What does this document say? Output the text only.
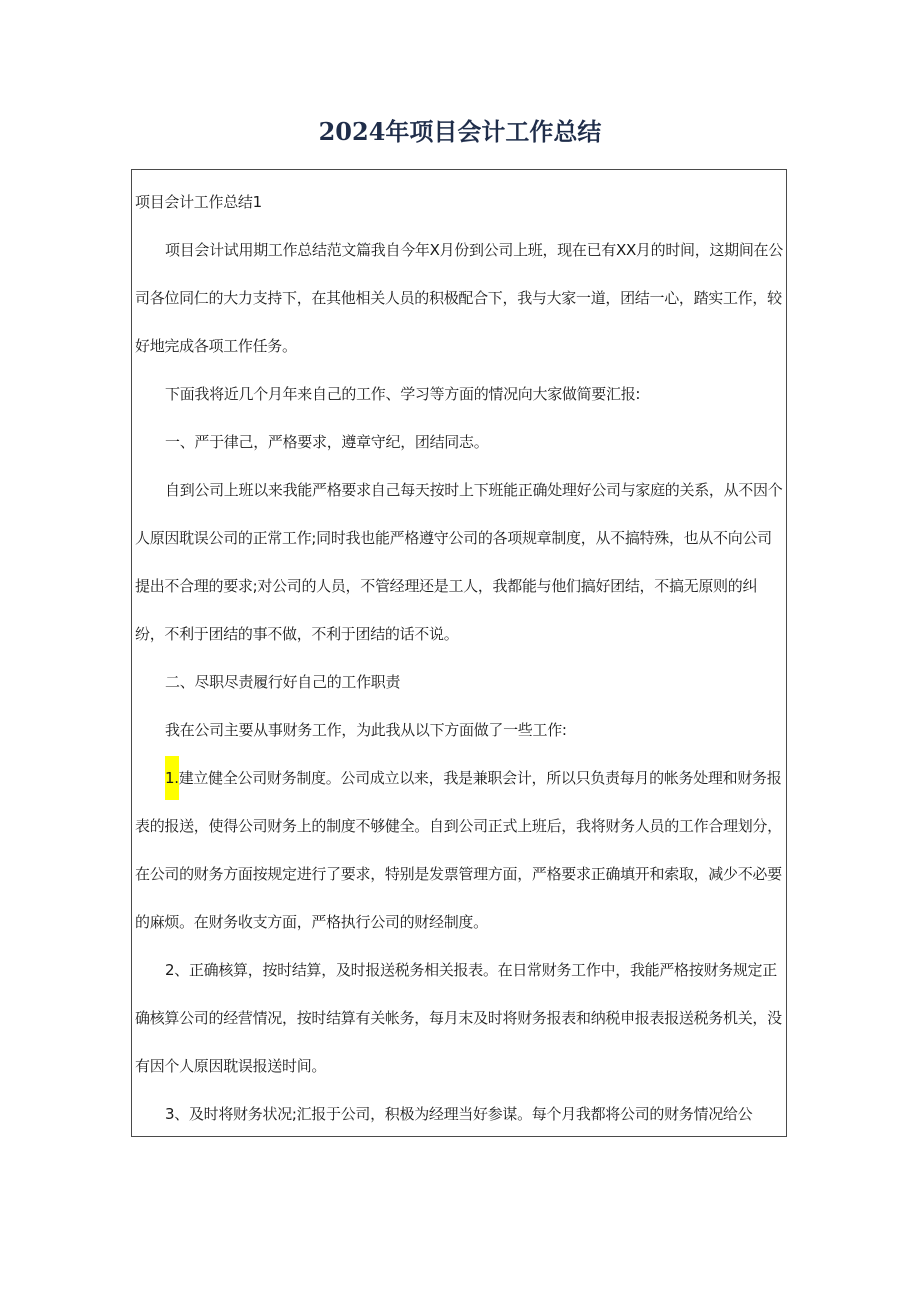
2024年项目会计工作总结

项目会计工作总结1

项目会计试用期工作总结范文篇我自今年X月份到公司上班，现在已有XX月的时间，这期间在公司各位同仁的大力支持下，在其他相关人员的积极配合下，我与大家一道，团结一心，踏实工作，较好地完成各项工作任务。

下面我将近几个月年来自己的工作、学习等方面的情况向大家做简要汇报:

一、严于律己，严格要求，遵章守纪，团结同志。

自到公司上班以来我能严格要求自己每天按时上下班能正确处理好公司与家庭的关系，从不因个人原因耽误公司的正常工作;同时我也能严格遵守公司的各项规章制度，从不搞特殊，也从不向公司提出不合理的要求;对公司的人员，不管经理还是工人，我都能与他们搞好团结，不搞无原则的纠纷，不利于团结的事不做，不利于团结的话不说。

二、尽职尽责履行好自己的工作职责

我在公司主要从事财务工作，为此我从以下方面做了一些工作:

1.建立健全公司财务制度。公司成立以来，我是兼职会计，所以只负责每月的帐务处理和财务报表的报送，使得公司财务上的制度不够健全。自到公司正式上班后，我将财务人员的工作合理划分，在公司的财务方面按规定进行了要求，特别是发票管理方面，严格要求正确填开和索取，减少不必要的麻烦。在财务收支方面，严格执行公司的财经制度。

2、正确核算，按时结算，及时报送税务相关报表。在日常财务工作中，我能严格按财务规定正确核算公司的经营情况，按时结算有关帐务，每月末及时将财务报表和纳税申报表报送税务机关，没有因个人原因耽误报送时间。

3、及时将财务状况;汇报于公司，积极为经理当好参谋。每个月我都将公司的财务情况给公
